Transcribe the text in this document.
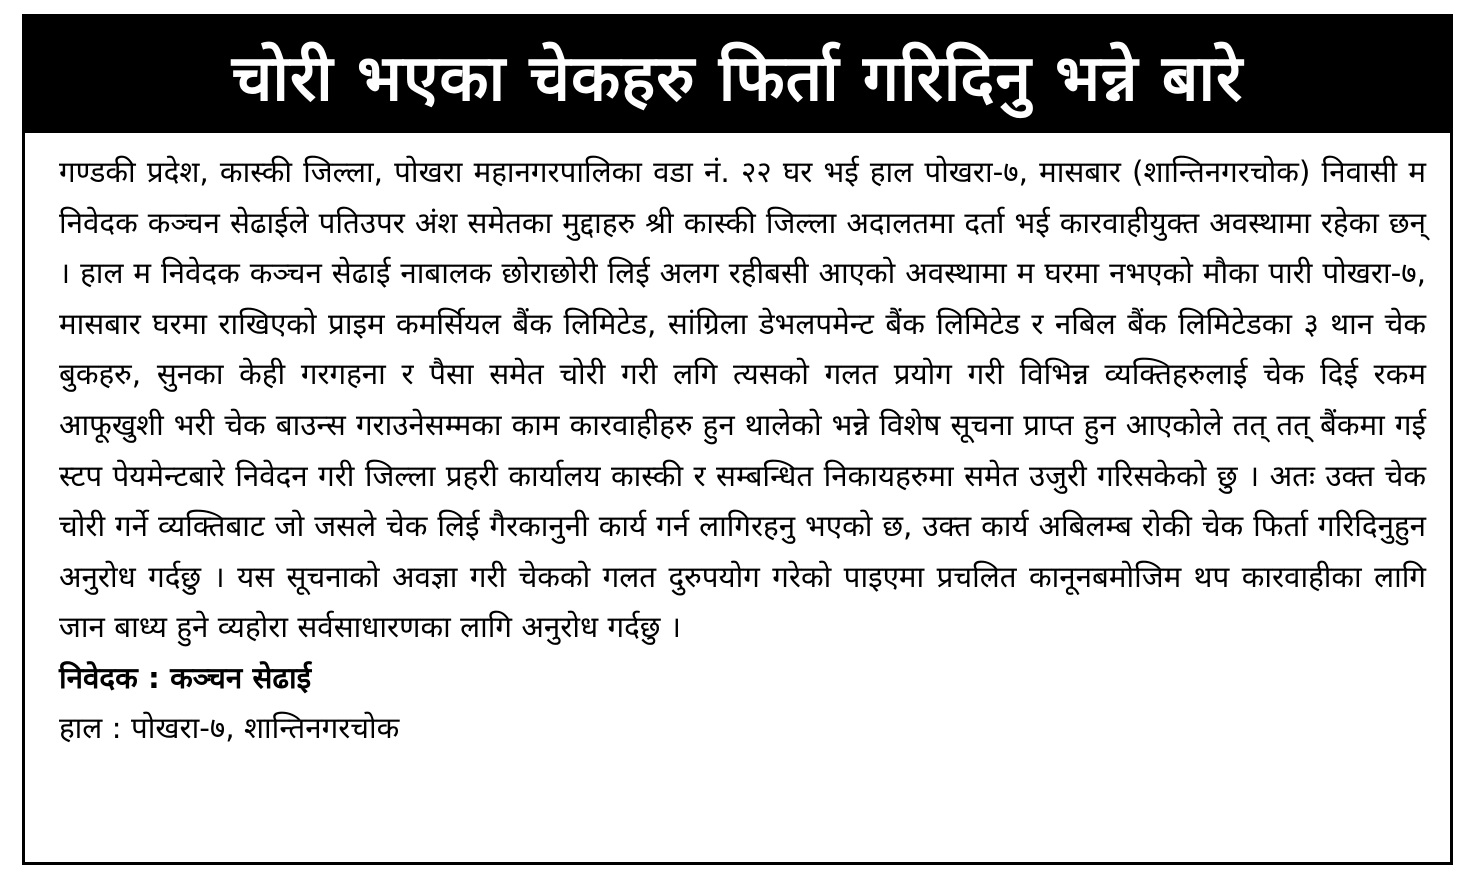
चोरी भएका चेकहरु फिर्ता गरिदिनु भन्ने बारे

गण्डकी प्रदेश, कास्की जिल्ला, पोखरा महानगरपालिका वडा नं. २२ घर भई हाल पोखरा-७, मासबार (शान्तिनगरचोक) निवासी म निवेदक कञ्चन सेढाईले पतिउपर अंश समेतका मुद्दाहरु श्री कास्की जिल्ला अदालतमा दर्ता भई कारवाहीयुक्त अवस्थामा रहेका छन् । हाल म निवेदक कञ्चन सेढाई नाबालक छोराछोरी लिई अलग रहीबसी आएको अवस्थामा म घरमा नभएको मौका पारी पोखरा-७, मासबार घरमा राखिएको प्राइम कमर्सियल बैंक लिमिटेड, सांग्रिला डेभलपमेन्ट बैंक लिमिटेड र नबिल बैंक लिमिटेडका ३ थान चेक बुकहरु, सुनका केही गरगहना र पैसा समेत चोरी गरी लगि त्यसको गलत प्रयोग गरी विभिन्न व्यक्तिहरुलाई चेक दिई रकम आफूखुशी भरी चेक बाउन्स गराउनेसम्मका काम कारवाहीहरु हुन थालेको भन्ने विशेष सूचना प्राप्त हुन आएकोले तत् तत् बैंकमा गई स्टप पेयमेन्टबारे निवेदन गरी जिल्ला प्रहरी कार्यालय कास्की र सम्बन्धित निकायहरुमा समेत उजुरी गरिसकेको छु । अतः उक्त चेक चोरी गर्ने व्यक्तिबाट जो जसले चेक लिई गैरकानुनी कार्य गर्न लागिरहनु भएको छ, उक्त कार्य अबिलम्ब रोकी चेक फिर्ता गरिदिनुहुन अनुरोध गर्दछु । यस सूचनाको अवज्ञा गरी चेकको गलत दुरुपयोग गरेको पाइएमा प्रचलित कानूनबमोजिम थप कारवाहीका लागि जान बाध्य हुने व्यहोरा सर्वसाधारणका लागि अनुरोध गर्दछु ।

निवेदक : कञ्चन सेढाई

हाल : पोखरा-७, शान्तिनगरचोक
